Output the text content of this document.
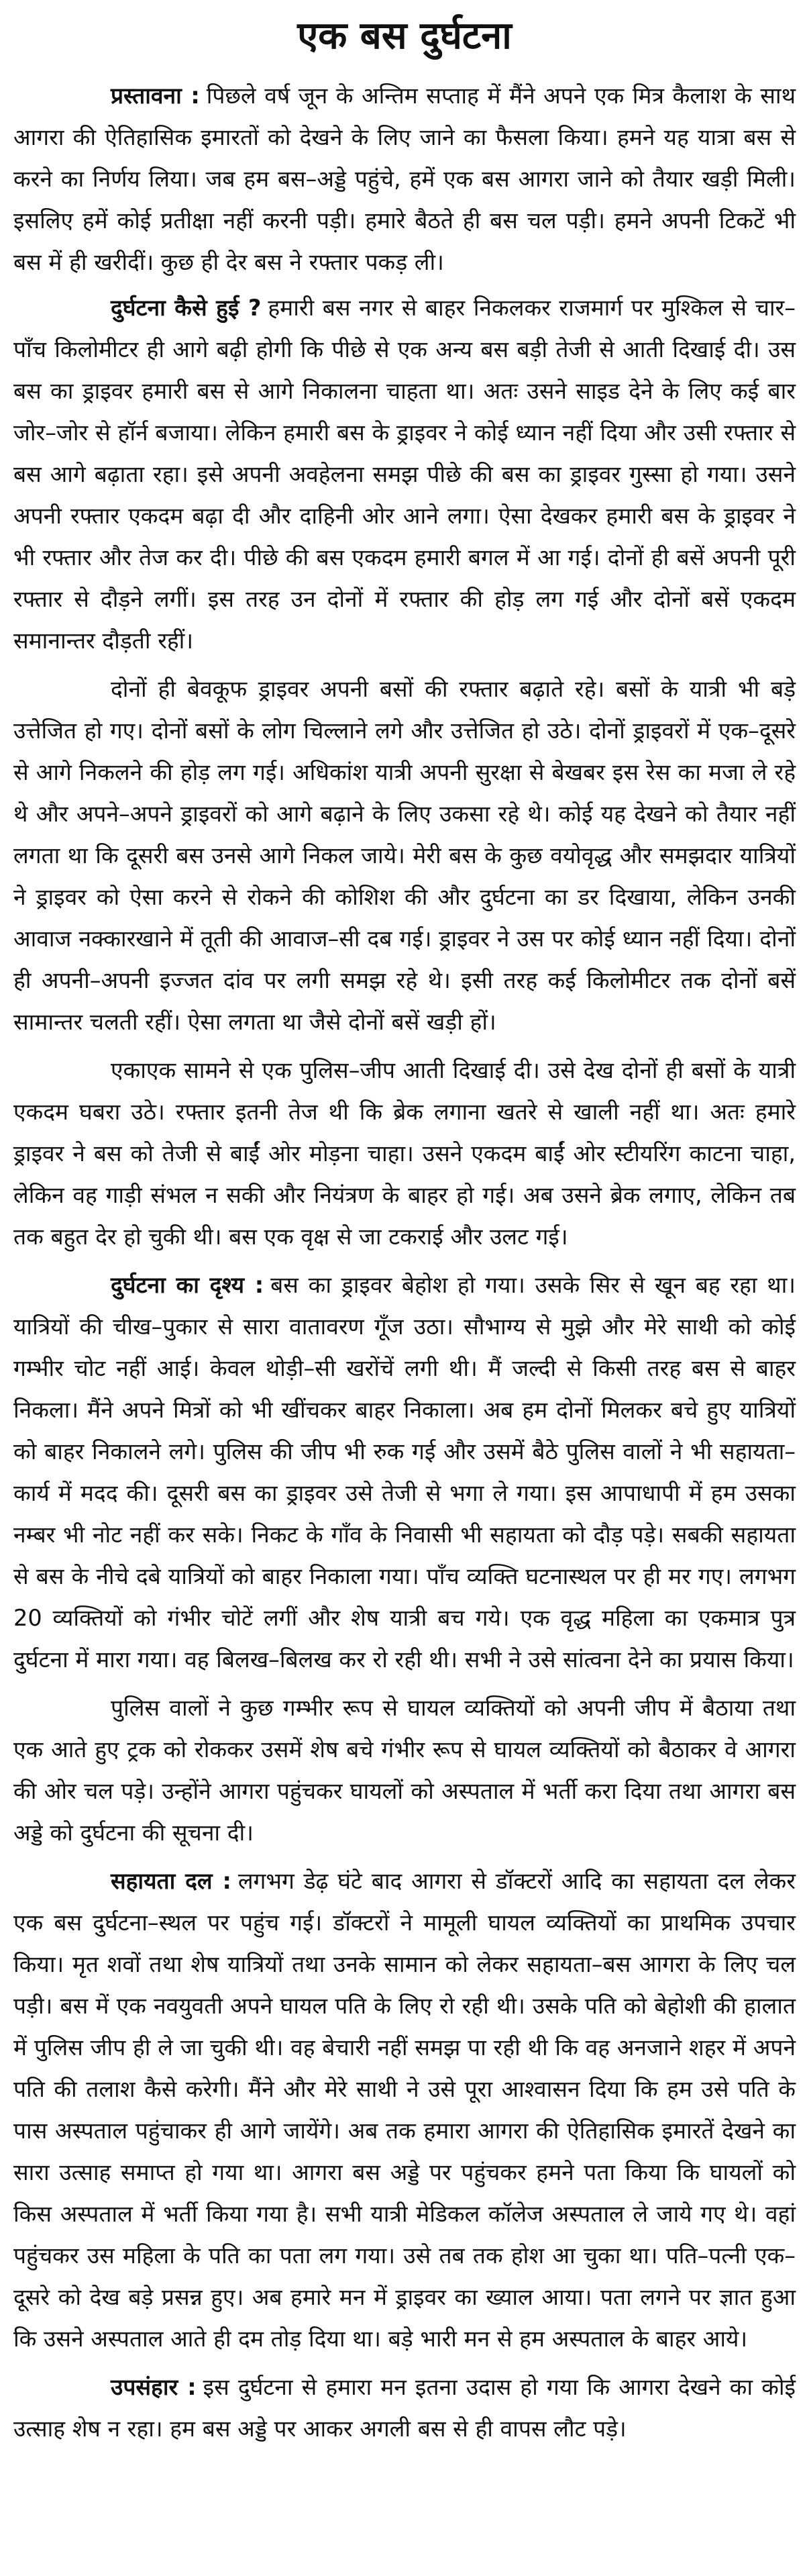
एक बस दुर्घटना

प्रस्तावना : पिछले वर्ष जून के अन्तिम सप्ताह में मैंने अपने एक मित्र कैलाश के साथ आगरा की ऐतिहासिक इमारतों को देखने के लिए जाने का फैसला किया। हमने यह यात्रा बस से करने का निर्णय लिया। जब हम बस–अड्डे पहुंचे, हमें एक बस आगरा जाने को तैयार खड़ी मिली। इसलिए हमें कोई प्रतीक्षा नहीं करनी पड़ी। हमारे बैठते ही बस चल पड़ी। हमने अपनी टिकटें भी बस में ही खरीदीं। कुछ ही देर बस ने रफ्तार पकड़ ली।

दुर्घटना कैसे हुई ? हमारी बस नगर से बाहर निकलकर राजमार्ग पर मुश्किल से चार–पाँच किलोमीटर ही आगे बढ़ी होगी कि पीछे से एक अन्य बस बड़ी तेजी से आती दिखाई दी। उस बस का ड्राइवर हमारी बस से आगे निकालना चाहता था। अतः उसने साइड देने के लिए कई बार जोर–जोर से हॉर्न बजाया। लेकिन हमारी बस के ड्राइवर ने कोई ध्यान नहीं दिया और उसी रफ्तार से बस आगे बढ़ाता रहा। इसे अपनी अवहेलना समझ पीछे की बस का ड्राइवर गुस्सा हो गया। उसने अपनी रफ्तार एकदम बढ़ा दी और दाहिनी ओर आने लगा। ऐसा देखकर हमारी बस के ड्राइवर ने भी रफ्तार और तेज कर दी। पीछे की बस एकदम हमारी बगल में आ गई। दोनों ही बसें अपनी पूरी रफ्तार से दौड़ने लगीं। इस तरह उन दोनों में रफ्तार की होड़ लग गई और दोनों बसें एकदम समानान्तर दौड़ती रहीं।

दोनों ही बेवकूफ ड्राइवर अपनी बसों की रफ्तार बढ़ाते रहे। बसों के यात्री भी बड़े उत्तेजित हो गए। दोनों बसों के लोग चिल्लाने लगे और उत्तेजित हो उठे। दोनों ड्राइवरों में एक–दूसरे से आगे निकलने की होड़ लग गई। अधिकांश यात्री अपनी सुरक्षा से बेखबर इस रेस का मजा ले रहे थे और अपने–अपने ड्राइवरों को आगे बढ़ाने के लिए उकसा रहे थे। कोई यह देखने को तैयार नहीं लगता था कि दूसरी बस उनसे आगे निकल जाये। मेरी बस के कुछ वयोवृद्ध और समझदार यात्रियों ने ड्राइवर को ऐसा करने से रोकने की कोशिश की और दुर्घटना का डर दिखाया, लेकिन उनकी आवाज नक्कारखाने में तूती की आवाज–सी दब गई। ड्राइवर ने उस पर कोई ध्यान नहीं दिया। दोनों ही अपनी–अपनी इज्जत दांव पर लगी समझ रहे थे। इसी तरह कई किलोमीटर तक दोनों बसें सामान्तर चलती रहीं। ऐसा लगता था जैसे दोनों बसें खड़ी हों।

एकाएक सामने से एक पुलिस–जीप आती दिखाई दी। उसे देख दोनों ही बसों के यात्री एकदम घबरा उठे। रफ्तार इतनी तेज थी कि ब्रेक लगाना खतरे से खाली नहीं था। अतः हमारे ड्राइवर ने बस को तेजी से बाईं ओर मोड़ना चाहा। उसने एकदम बाईं ओर स्टीयरिंग काटना चाहा, लेकिन वह गाड़ी संभल न सकी और नियंत्रण के बाहर हो गई। अब उसने ब्रेक लगाए, लेकिन तब तक बहुत देर हो चुकी थी। बस एक वृक्ष से जा टकराई और उलट गई।

दुर्घटना का दृश्य : बस का ड्राइवर बेहोश हो गया। उसके सिर से खून बह रहा था। यात्रियों की चीख–पुकार से सारा वातावरण गूँज उठा। सौभाग्य से मुझे और मेरे साथी को कोई गम्भीर चोट नहीं आई। केवल थोड़ी–सी खरोंचें लगी थी। मैं जल्दी से किसी तरह बस से बाहर निकला। मैंने अपने मित्रों को भी खींचकर बाहर निकाला। अब हम दोनों मिलकर बचे हुए यात्रियों को बाहर निकालने लगे। पुलिस की जीप भी रुक गई और उसमें बैठे पुलिस वालों ने भी सहायता–कार्य में मदद की। दूसरी बस का ड्राइवर उसे तेजी से भगा ले गया। इस आपाधापी में हम उसका नम्बर भी नोट नहीं कर सके। निकट के गाँव के निवासी भी सहायता को दौड़ पड़े। सबकी सहायता से बस के नीचे दबे यात्रियों को बाहर निकाला गया। पाँच व्यक्ति घटनास्थल पर ही मर गए। लगभग 20 व्यक्तियों को गंभीर चोटें लगीं और शेष यात्री बच गये। एक वृद्ध महिला का एकमात्र पुत्र दुर्घटना में मारा गया। वह बिलख–बिलख कर रो रही थी। सभी ने उसे सांत्वना देने का प्रयास किया।

पुलिस वालों ने कुछ गम्भीर रूप से घायल व्यक्तियों को अपनी जीप में बैठाया तथा एक आते हुए ट्रक को रोककर उसमें शेष बचे गंभीर रूप से घायल व्यक्तियों को बैठाकर वे आगरा की ओर चल पड़े। उन्होंने आगरा पहुंचकर घायलों को अस्पताल में भर्ती करा दिया तथा आगरा बस अड्डे को दुर्घटना की सूचना दी।

सहायता दल : लगभग डेढ़ घंटे बाद आगरा से डॉक्टरों आदि का सहायता दल लेकर एक बस दुर्घटना–स्थल पर पहुंच गई। डॉक्टरों ने मामूली घायल व्यक्तियों का प्राथमिक उपचार किया। मृत शवों तथा शेष यात्रियों तथा उनके सामान को लेकर सहायता–बस आगरा के लिए चल पड़ी। बस में एक नवयुवती अपने घायल पति के लिए रो रही थी। उसके पति को बेहोशी की हालात में पुलिस जीप ही ले जा चुकी थी। वह बेचारी नहीं समझ पा रही थी कि वह अनजाने शहर में अपने पति की तलाश कैसे करेगी। मैंने और मेरे साथी ने उसे पूरा आश्वासन दिया कि हम उसे पति के पास अस्पताल पहुंचाकर ही आगे जायेंगे। अब तक हमारा आगरा की ऐतिहासिक इमारतें देखने का सारा उत्साह समाप्त हो गया था। आगरा बस अड्डे पर पहुंचकर हमने पता किया कि घायलों को किस अस्पताल में भर्ती किया गया है। सभी यात्री मेडिकल कॉलेज अस्पताल ले जाये गए थे। वहां पहुंचकर उस महिला के पति का पता लग गया। उसे तब तक होश आ चुका था। पति–पत्नी एक–दूसरे को देख बड़े प्रसन्न हुए। अब हमारे मन में ड्राइवर का ख्याल आया। पता लगने पर ज्ञात हुआ कि उसने अस्पताल आते ही दम तोड़ दिया था। बड़े भारी मन से हम अस्पताल के बाहर आये।

उपसंहार : इस दुर्घटना से हमारा मन इतना उदास हो गया कि आगरा देखने का कोई उत्साह शेष न रहा। हम बस अड्डे पर आकर अगली बस से ही वापस लौट पड़े।
